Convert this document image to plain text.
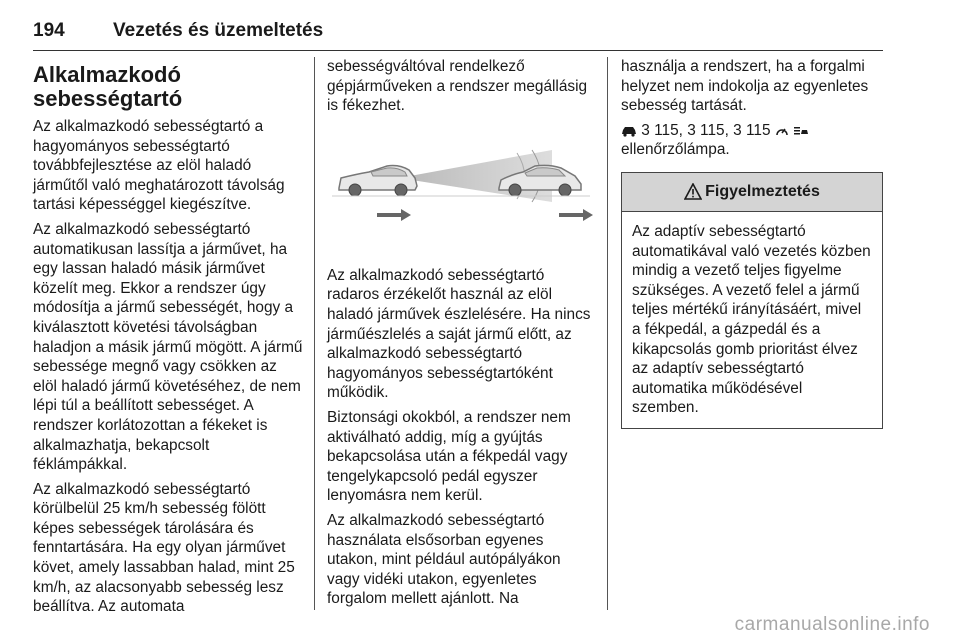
194	Vezetés és üzemeltetés
Alkalmazkodó sebességtartó

Az alkalmazkodó sebességtartó a hagyományos sebességtartó továbbfejlesztése az elöl haladó járműtől való meghatározott távolság tartási képességgel kiegészítve.

Az alkalmazkodó sebességtartó automatikusan lassítja a járművet, ha egy lassan haladó másik járművet közelít meg. Ekkor a rendszer úgy módosítja a jármű sebességét, hogy a kiválasztott követési távolságban haladjon a másik jármű mögött. A jármű sebessége megnő vagy csökken az elöl haladó jármű követéséhez, de nem lépi túl a beállított sebességet. A rendszer korlátozottan a fékeket is alkalmazhatja, bekapcsolt féklámpákkal.

Az alkalmazkodó sebességtartó körülbelül 25 km/h sebesség fölött képes sebességek tárolására és fenntartására. Ha egy olyan járművet követ, amely lassabban halad, mint 25 km/h, az alacsonyabb sebesség lesz beállítva. Az automata

sebességváltóval rendelkező gépjárműveken a rendszer megállásig is fékezhet.

Az alkalmazkodó sebességtartó radaros érzékelőt használ az elöl haladó járművek észlelésére. Ha nincs járműészlelés a saját jármű előtt, az alkalmazkodó sebességtartó hagyományos sebességtartóként működik.

Biztonsági okokból, a rendszer nem aktiválható addig, míg a gyújtás bekapcsolása után a fékpedál vagy tengelykapcsoló pedál egyszer lenyomásra nem kerül.

Az alkalmazkodó sebességtartó használata elsősorban egyenes utakon, mint például autópályákon vagy vidéki utakon, egyenletes forgalom mellett ajánlott. Na

használja a rendszert, ha a forgalmi helyzet nem indokolja az egyenletes sebesség tartását.

3 115, 3 115, 3 115
ellenőrzőlámpa.

Figyelmeztetés
Az adaptív sebességtartó automatikával való vezetés közben mindig a vezető teljes figyelme szükséges. A vezető felel a jármű teljes mértékű irányításáért, mivel a fékpedál, a gázpedál és a kikapcsolás gomb prioritást élvez az adaptív sebességtartó automatika működésével szemben.
carmanualsonline.info
